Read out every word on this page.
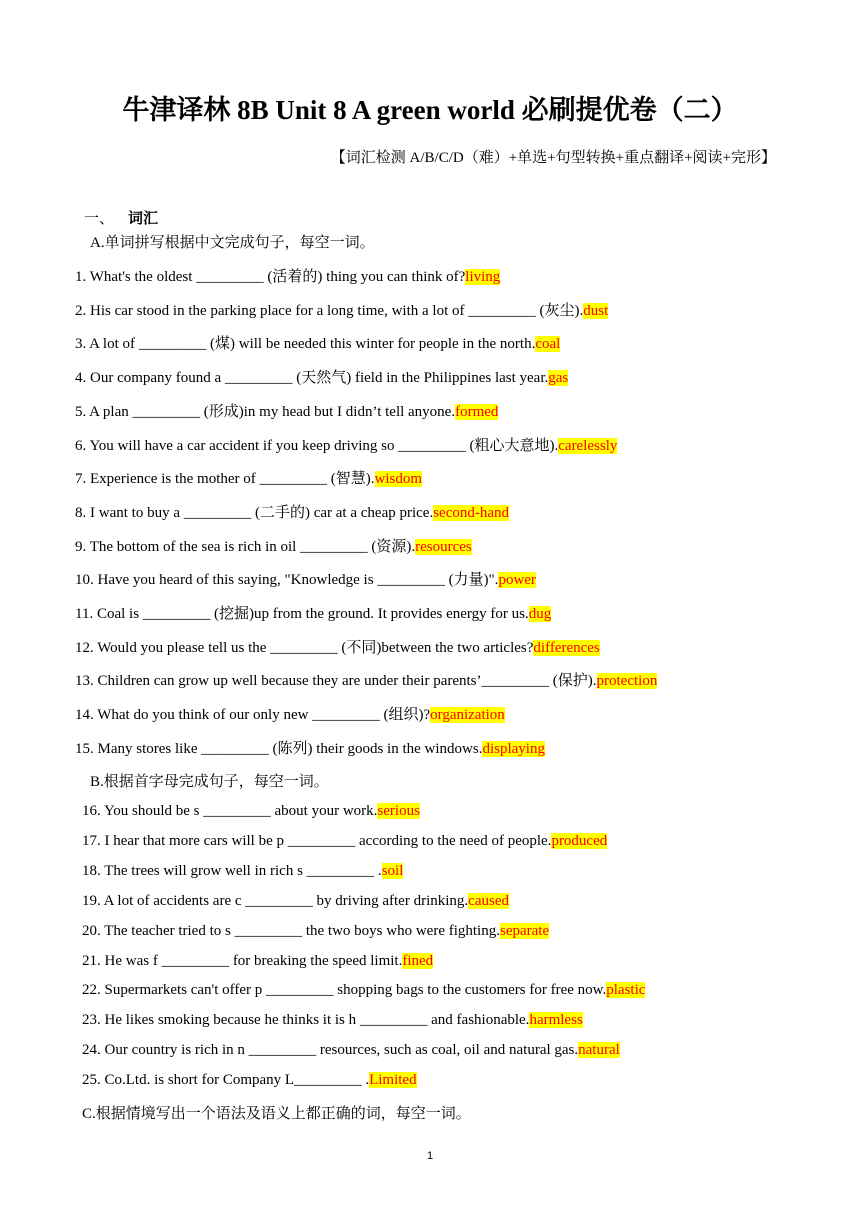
牛津译林 8B Unit 8 A green world 必刷提优卷（二）
【词汇检测 A/B/C/D（难）+单选+句型转换+重点翻译+阅读+完形】
一、 词汇
A.单词拼写根据中文完成句子，每空一词。
1. What's the oldest _________ (活着的) thing you can think of?living
2. His car stood in the parking place for a long time, with a lot of _________ (灰尘).dust
3. A lot of _________ (煤) will be needed this winter for people in the north.coal
4. Our company found a _________ (天然气) field in the Philippines last year.gas
5. A plan _________ (形成)in my head but I didn’t tell anyone.formed
6. You will have a car accident if you keep driving so _________ (粗心大意地).carelessly
7. Experience is the mother of _________ (智慧).wisdom
8. I want to buy a _________ (二手的) car at a cheap price.second-hand
9. The bottom of the sea is rich in oil _________ (资源).resources
10. Have you heard of this saying, "Knowledge is _________ (力量)".power
11. Coal is _________ (挖掘)up from the ground. It provides energy for us.dug
12. Would you please tell us the _________ (不同)between the two articles?differences
13. Children can grow up well because they are under their parents’_________ (保护).protection
14. What do you think of our only new _________ (组织)?organization
15. Many stores like _________ (陈列) their goods in the windows.displaying
B.根据首字母完成句子，每空一词。
16. You should be s _________ about your work.serious
17. I hear that more cars will be p _________ according to the need of people.produced
18. The trees will grow well in rich s _________ .soil
19. A lot of accidents are c _________ by driving after drinking.caused
20. The teacher tried to s _________ the two boys who were fighting.separate
21. He was f _________ for breaking the speed limit.fined
22. Supermarkets can't offer p _________ shopping bags to the customers for free now.plastic
23. He likes smoking because he thinks it is h _________ and fashionable.harmless
24. Our country is rich in n _________ resources, such as coal, oil and natural gas.natural
25. Co.Ltd. is short for Company L_________ .Limited
C.根据情境写出一个语法及语义上都正确的词，每空一词。
1
